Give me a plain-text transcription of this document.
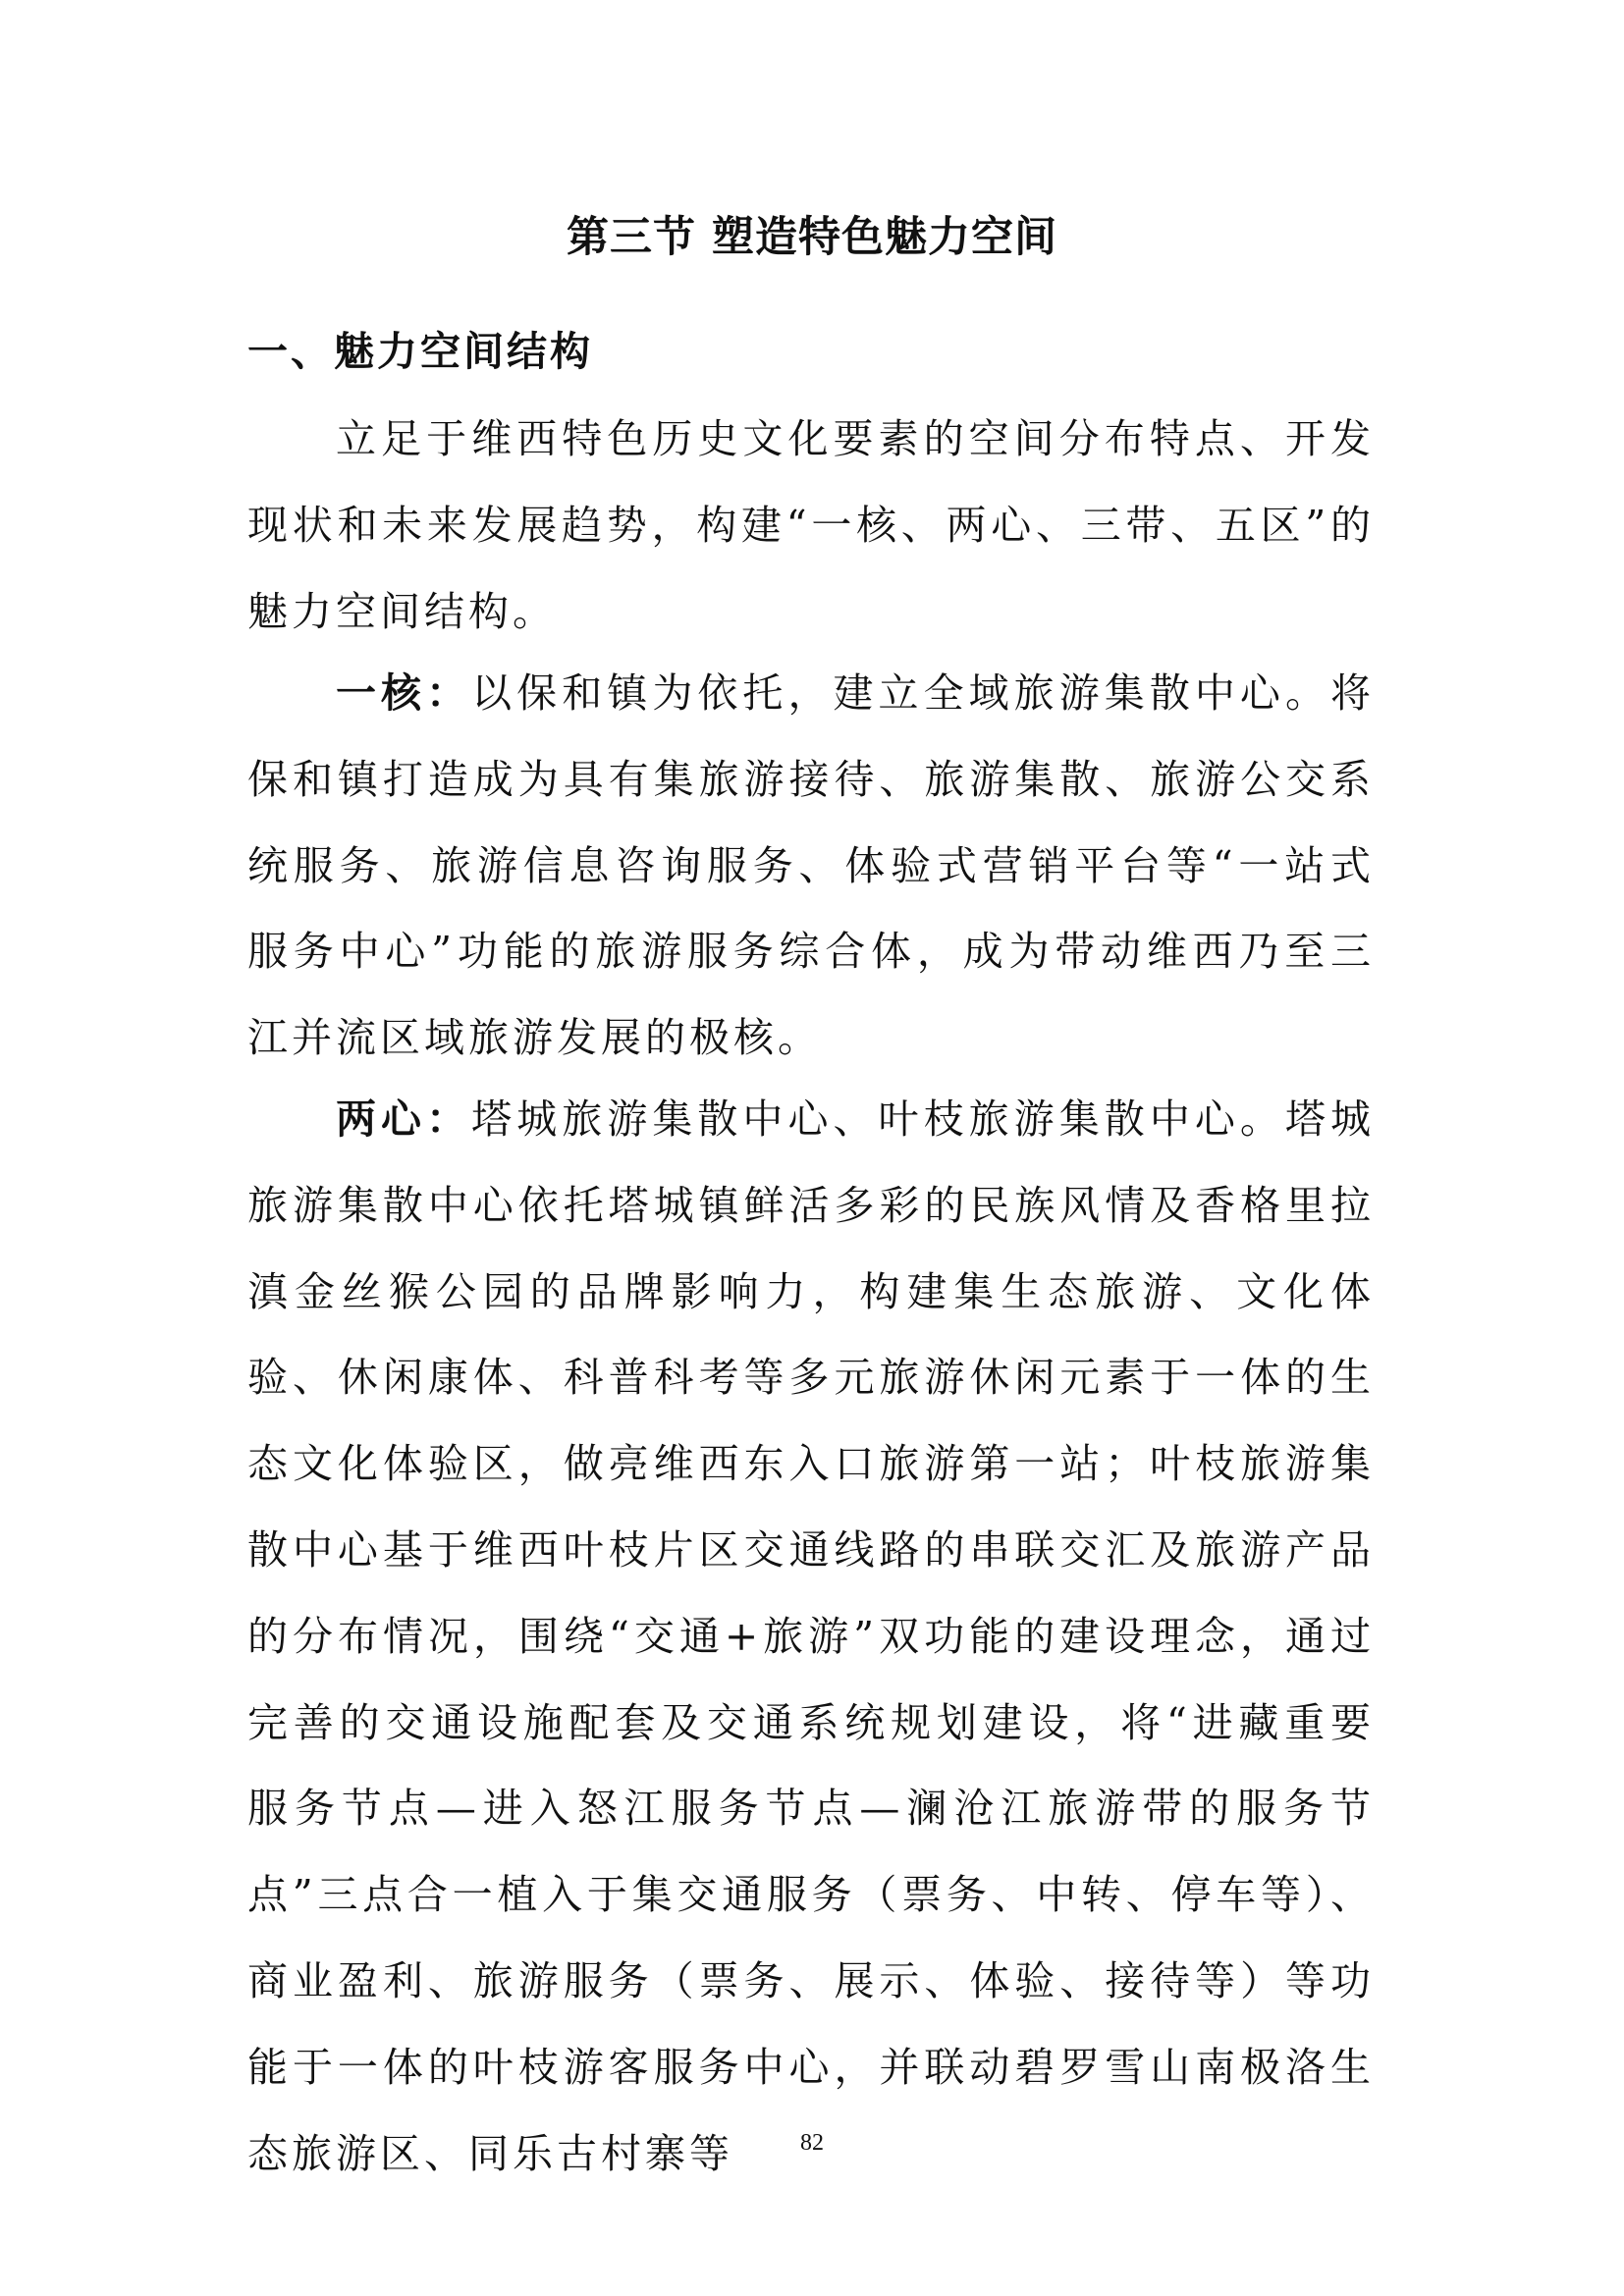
第三节 塑造特色魅力空间
一、魅力空间结构

立足于维西特色历史文化要素的空间分布特点、开发现状和未来发展趋势，构建“一核、两心、三带、五区”的魅力空间结构。

一核：以保和镇为依托，建立全域旅游集散中心。将保和镇打造成为具有集旅游接待、旅游集散、旅游公交系统服务、旅游信息咨询服务、体验式营销平台等“一站式服务中心”功能的旅游服务综合体，成为带动维西乃至三江并流区域旅游发展的极核。

两心：塔城旅游集散中心、叶枝旅游集散中心。塔城旅游集散中心依托塔城镇鲜活多彩的民族风情及香格里拉滇金丝猴公园的品牌影响力，构建集生态旅游、文化体验、休闲康体、科普科考等多元旅游休闲元素于一体的生态文化体验区，做亮维西东入口旅游第一站；叶枝旅游集散中心基于维西叶枝片区交通线路的串联交汇及旅游产品的分布情况，围绕“交通+旅游”双功能的建设理念，通过完善的交通设施配套及交通系统规划建设，将“进藏重要服务节点—进入怒江服务节点—澜沧江旅游带的服务节点”三点合一植入于集交通服务（票务、中转、停车等）、商业盈利、旅游服务（票务、展示、体验、接待等）等功能于一体的叶枝游客服务中心，并联动碧罗雪山南极洛生态旅游区、同乐古村寨等	82
